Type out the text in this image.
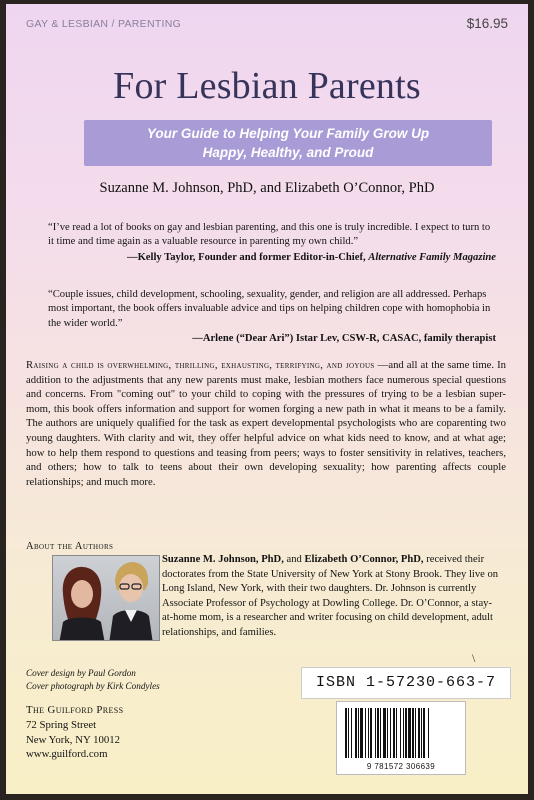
GAY & LESBIAN / PARENTING	$16.95
For Lesbian Parents
Your Guide to Helping Your Family Grow Up
Happy, Healthy, and Proud
Suzanne M. Johnson, PhD, and Elizabeth O’Connor, PhD
“I’ve read a lot of books on gay and lesbian parenting, and this one is truly incredible. I expect to turn to it time and time again as a valuable resource in parenting my own child.”
—Kelly Taylor, Founder and former Editor-in-Chief, Alternative Family Magazine
“Couple issues, child development, schooling, sexuality, gender, and religion are all addressed. Perhaps most important, the book offers invaluable advice and tips on helping children cope with homophobia in the wider world.”
—Arlene (“Dear Ari”) Istar Lev, CSW-R, CASAC, family therapist
Raising a child is overwhelming, thrilling, exhausting, terrifying, and joyous —and all at the same time. In addition to the adjustments that any new parents must make, lesbian mothers face numerous special questions and concerns. From "coming out" to your child to coping with the pressures of trying to be a lesbian super-mom, this book offers information and support for women forging a new path in what it means to be a family. The authors are uniquely qualified for the task as expert developmental psychologists who are coparenting two young daughters. With clarity and wit, they offer helpful advice on what kids need to know, and at what age; how to help them respond to questions and teasing from peers; ways to foster sensitivity in relatives, teachers, and others; how to talk to teens about their own developing sexuality; how parenting affects couple relationships; and much more.
About the Authors
Suzanne M. Johnson, PhD, and Elizabeth O’Connor, PhD, received their doctorates from the State University of New York at Stony Brook. They live on Long Island, New York, with their two daughters. Dr. Johnson is currently Associate Professor of Psychology at Dowling College. Dr. O’Connor, a stay-at-home mom, is a researcher and writer focusing on child development, adult relationships, and families.
\
Cover design by Paul Gordon
Cover photograph by Kirk Condyles
The Guilford Press
72 Spring Street
New York, NY 10012
www.guilford.com
ISBN 1-57230-663-7
9 781572 306639
